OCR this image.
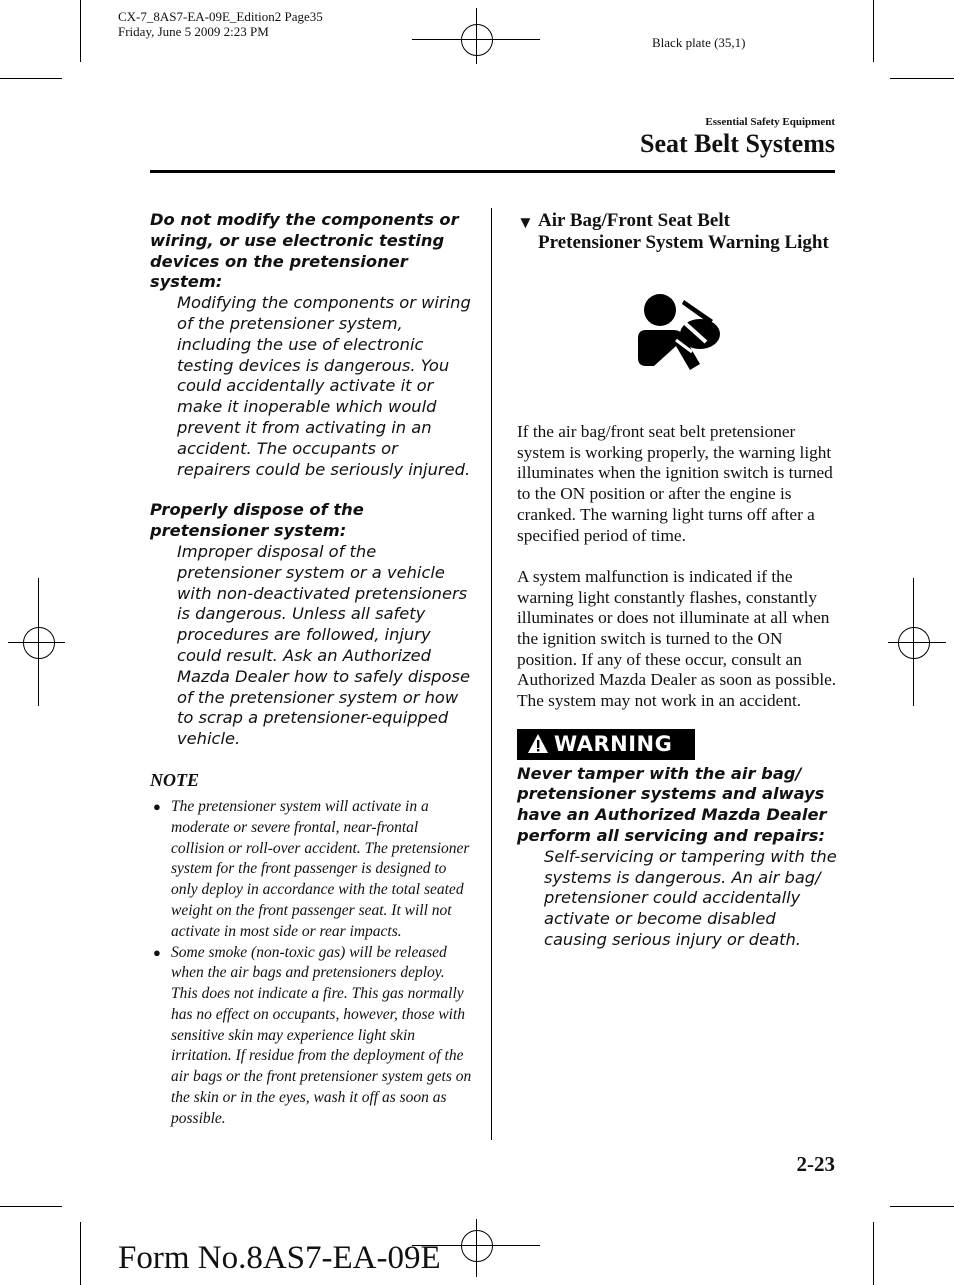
CX-7_8AS7-EA-09E_Edition2 Page35
Friday, June 5 2009 2:23 PM
Black plate (35,1)
Essential Safety Equipment
Seat Belt Systems
Do not modify the components or wiring, or use electronic testing devices on the pretensioner system:
Modifying the components or wiring of the pretensioner system, including the use of electronic testing devices is dangerous. You could accidentally activate it or make it inoperable which would prevent it from activating in an accident. The occupants or repairers could be seriously injured.
Properly dispose of the pretensioner system:
Improper disposal of the pretensioner system or a vehicle with non-deactivated pretensioners is dangerous. Unless all safety procedures are followed, injury could result. Ask an Authorized Mazda Dealer how to safely dispose of the pretensioner system or how to scrap a pretensioner-equipped vehicle.
NOTE
● The pretensioner system will activate in a moderate or severe frontal, near-frontal collision or roll-over accident. The pretensioner system for the front passenger is designed to only deploy in accordance with the total seated weight on the front passenger seat. It will not activate in most side or rear impacts.
● Some smoke (non-toxic gas) will be released when the air bags and pretensioners deploy. This does not indicate a fire. This gas normally has no effect on occupants, however, those with sensitive skin may experience light skin irritation. If residue from the deployment of the air bags or the front pretensioner system gets on the skin or in the eyes, wash it off as soon as possible.
▼ Air Bag/Front Seat Belt Pretensioner System Warning Light
If the air bag/front seat belt pretensioner system is working properly, the warning light illuminates when the ignition switch is turned to the ON position or after the engine is cranked. The warning light turns off after a specified period of time.
A system malfunction is indicated if the warning light constantly flashes, constantly illuminates or does not illuminate at all when the ignition switch is turned to the ON position. If any of these occur, consult an Authorized Mazda Dealer as soon as possible. The system may not work in an accident.
WARNING
Never tamper with the air bag/ pretensioner systems and always have an Authorized Mazda Dealer perform all servicing and repairs:
Self-servicing or tampering with the systems is dangerous. An air bag/ pretensioner could accidentally activate or become disabled causing serious injury or death.
2-23
Form No.8AS7-EA-09E
